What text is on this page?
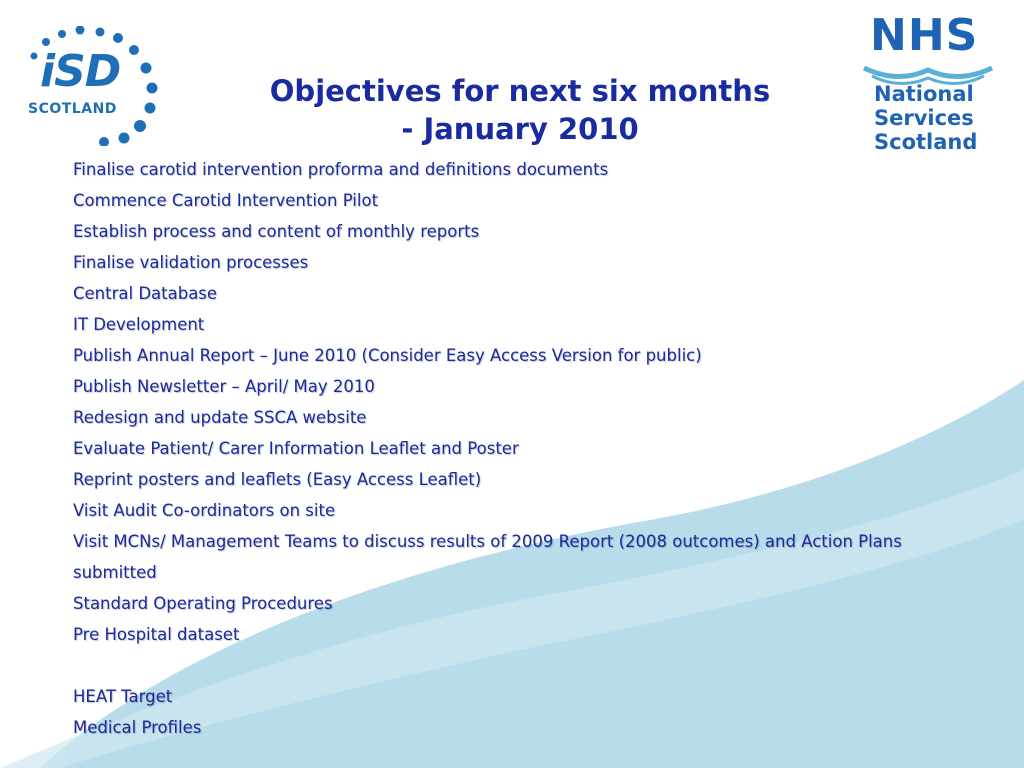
iSD
SCOTLAND
NHS
National
Services
Scotland
Objectives for next six months
- January 2010
Finalise carotid intervention proforma and definitions documents
Commence Carotid Intervention Pilot
Establish process and content of monthly reports
Finalise validation processes
Central Database
IT Development
Publish Annual Report – June 2010 (Consider Easy Access Version for public)
Publish Newsletter – April/ May 2010
Redesign and update SSCA website
Evaluate Patient/ Carer Information Leaflet and Poster
Reprint posters and leaflets (Easy Access Leaflet)
Visit Audit Co-ordinators on site
Visit MCNs/ Management Teams to discuss results of 2009 Report (2008 outcomes) and Action Plans
submitted
Standard Operating Procedures
Pre Hospital dataset
HEAT Target
Medical Profiles
